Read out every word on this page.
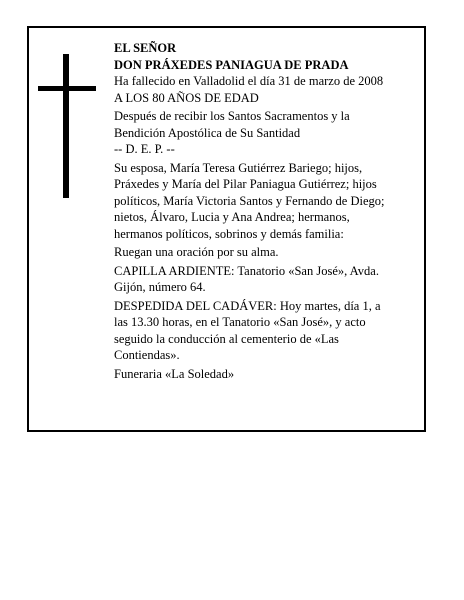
EL SEÑOR

DON PRÁXEDES PANIAGUA DE PRADA

Ha fallecido en Valladolid el día 31 de marzo de 2008

A LOS 80 AÑOS DE EDAD

Después de recibir los Santos Sacramentos y la

Bendición Apostólica de Su Santidad

-- D. E. P. --

Su esposa, María Teresa Gutiérrez Bariego; hijos,

Práxedes y María del Pilar Paniagua Gutiérrez; hijos

políticos, María Victoria Santos y Fernando de Diego;

nietos, Álvaro, Lucia y Ana Andrea; hermanos,

hermanos políticos, sobrinos y demás familia:

Ruegan una oración por su alma.

CAPILLA ARDIENTE: Tanatorio «San José», Avda.

Gijón, número 64.

DESPEDIDA DEL CADÁVER: Hoy martes, día 1, a

las 13.30 horas, en el Tanatorio «San José», y acto

seguido la conducción al cementerio de «Las

Contiendas».

Funeraria «La Soledad»
